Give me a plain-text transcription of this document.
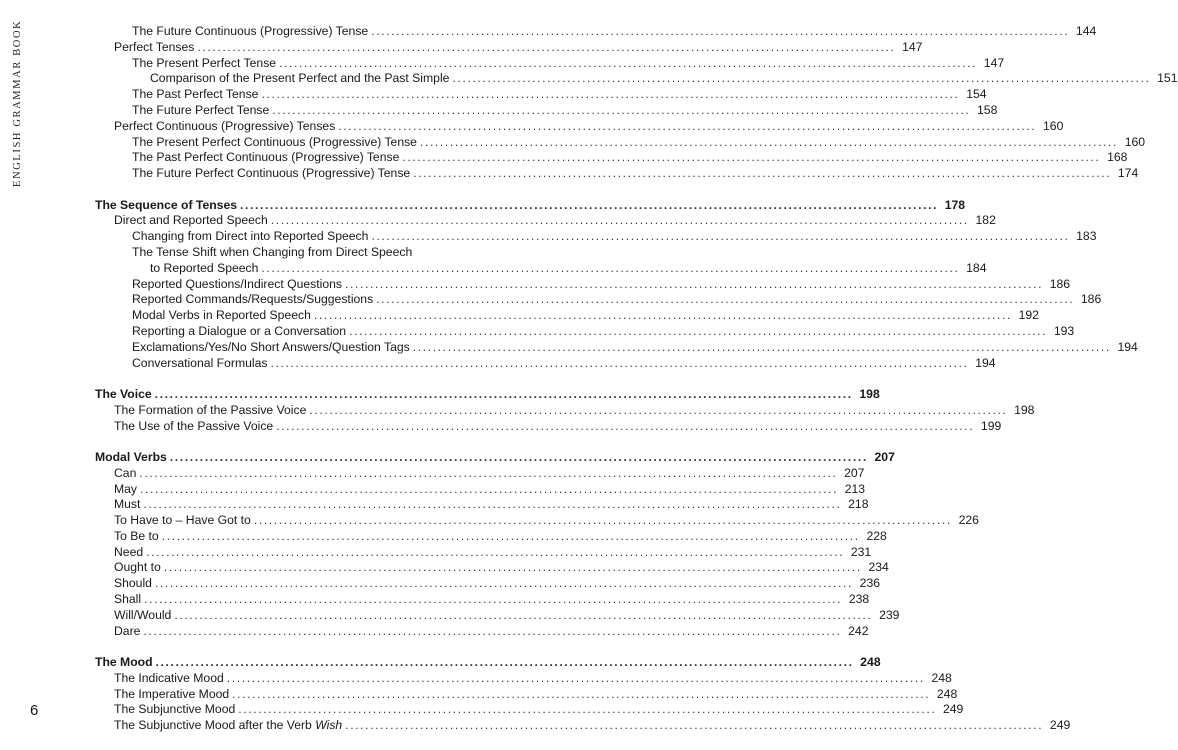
ENGLISH GRAMMAR BOOK	The Future Continuous (Progressive) Tense ............................................................................................................................................ 144
Perfect Tenses ............................................................................................................................................ 147
The Present Perfect Tense ............................................................................................................................................ 147
Comparison of the Present Perfect and the Past Simple ............................................................................................................................................ 151
The Past Perfect Tense ............................................................................................................................................ 154
The Future Perfect Tense ............................................................................................................................................ 158
Perfect Continuous (Progressive) Tenses ............................................................................................................................................ 160
The Present Perfect Continuous (Progressive) Tense ............................................................................................................................................ 160
The Past Perfect Continuous (Progressive) Tense ............................................................................................................................................ 168
The Future Perfect Continuous (Progressive) Tense ............................................................................................................................................ 174
The Sequence of Tenses ............................................................................................................................................ 178
Direct and Reported Speech ............................................................................................................................................ 182
Changing from Direct into Reported Speech ............................................................................................................................................ 183
The Tense Shift when Changing from Direct Speech
to Reported Speech ............................................................................................................................................ 184
Reported Questions/Indirect Questions ............................................................................................................................................ 186
Reported Commands/Requests/Suggestions ............................................................................................................................................ 186
Modal Verbs in Reported Speech ............................................................................................................................................ 192
Reporting a Dialogue or a Conversation ............................................................................................................................................ 193
Exclamations/Yes/No Short Answers/Question Tags ............................................................................................................................................ 194
Conversational Formulas ............................................................................................................................................ 194
The Voice ............................................................................................................................................ 198
The Formation of the Passive Voice ............................................................................................................................................ 198
The Use of the Passive Voice ............................................................................................................................................ 199
Modal Verbs ............................................................................................................................................ 207
Can ............................................................................................................................................ 207
May ............................................................................................................................................ 213
Must ............................................................................................................................................ 218
To Have to – Have Got to ............................................................................................................................................ 226
To Be to ............................................................................................................................................ 228
Need ............................................................................................................................................ 231
Ought to ............................................................................................................................................ 234
Should ............................................................................................................................................ 236
Shall ............................................................................................................................................ 238
Will/Would ............................................................................................................................................ 239
Dare ............................................................................................................................................ 242
The Mood ............................................................................................................................................ 248
The Indicative Mood ............................................................................................................................................ 248
The Imperative Mood ............................................................................................................................................ 248
The Subjunctive Mood ............................................................................................................................................ 249
The Subjunctive Mood after the Verb Wish ............................................................................................................................................ 249
6
